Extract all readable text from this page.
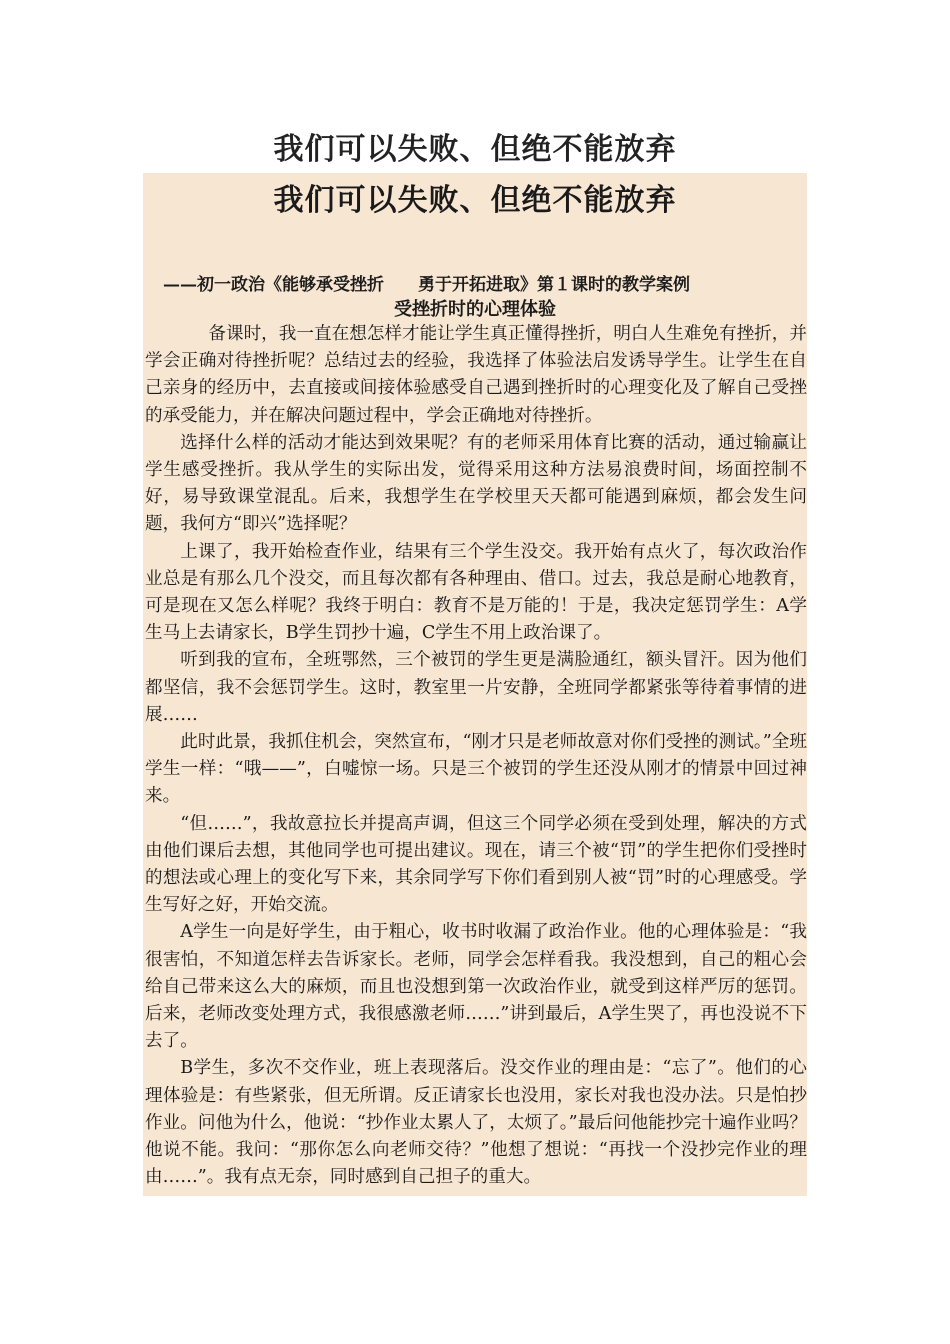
我们可以失败、但绝不能放弃
我们可以失败、但绝不能放弃
——初一政治《能够承受挫折　　勇于开拓进取》第１课时的教学案例
受挫折时的心理体验

备课时，我一直在想怎样才能让学生真正懂得挫折，明白人生难免有挫折，并学会正确对待挫折呢？总结过去的经验，我选择了体验法启发诱导学生。让学生在自己亲身的经历中，去直接或间接体验感受自己遇到挫折时的心理变化及了解自己受挫的承受能力，并在解决问题过程中，学会正确地对待挫折。

选择什么样的活动才能达到效果呢？有的老师采用体育比赛的活动，通过输赢让学生感受挫折。我从学生的实际出发，觉得采用这种方法易浪费时间，场面控制不好，易导致课堂混乱。后来，我想学生在学校里天天都可能遇到麻烦，都会发生问题，我何方“即兴”选择呢？

上课了，我开始检查作业，结果有三个学生没交。我开始有点火了，每次政治作业总是有那么几个没交，而且每次都有各种理由、借口。过去，我总是耐心地教育，可是现在又怎么样呢？我终于明白：教育不是万能的！于是，我决定惩罚学生：A学生马上去请家长，B学生罚抄十遍，C学生不用上政治课了。

听到我的宣布，全班鄂然，三个被罚的学生更是满脸通红，额头冒汗。因为他们都坚信，我不会惩罚学生。这时，教室里一片安静，全班同学都紧张等待着事情的进展……

此时此景，我抓住机会，突然宣布，“刚才只是老师故意对你们受挫的测试。”全班学生一样：“哦——”，白嘘惊一场。只是三个被罚的学生还没从刚才的情景中回过神来。

“但……”，我故意拉长并提高声调，但这三个同学必须在受到处理，解决的方式由他们课后去想，其他同学也可提出建议。现在，请三个被“罚”的学生把你们受挫时的想法或心理上的变化写下来，其余同学写下你们看到别人被“罚”时的心理感受。学生写好之好，开始交流。

A学生一向是好学生，由于粗心，收书时收漏了政治作业。他的心理体验是：“我很害怕，不知道怎样去告诉家长。老师，同学会怎样看我。我没想到，自己的粗心会给自己带来这么大的麻烦，而且也没想到第一次政治作业，就受到这样严厉的惩罚。后来，老师改变处理方式，我很感激老师……”讲到最后，A学生哭了，再也没说不下去了。

B学生，多次不交作业，班上表现落后。没交作业的理由是：“忘了”。他们的心理体验是：有些紧张，但无所谓。反正请家长也没用，家长对我也没办法。只是怕抄作业。问他为什么，他说：“抄作业太累人了，太烦了。”最后问他能抄完十遍作业吗？他说不能。我问：“那你怎么向老师交待？”他想了想说：“再找一个没抄完作业的理由……”。我有点无奈，同时感到自己担子的重大。
